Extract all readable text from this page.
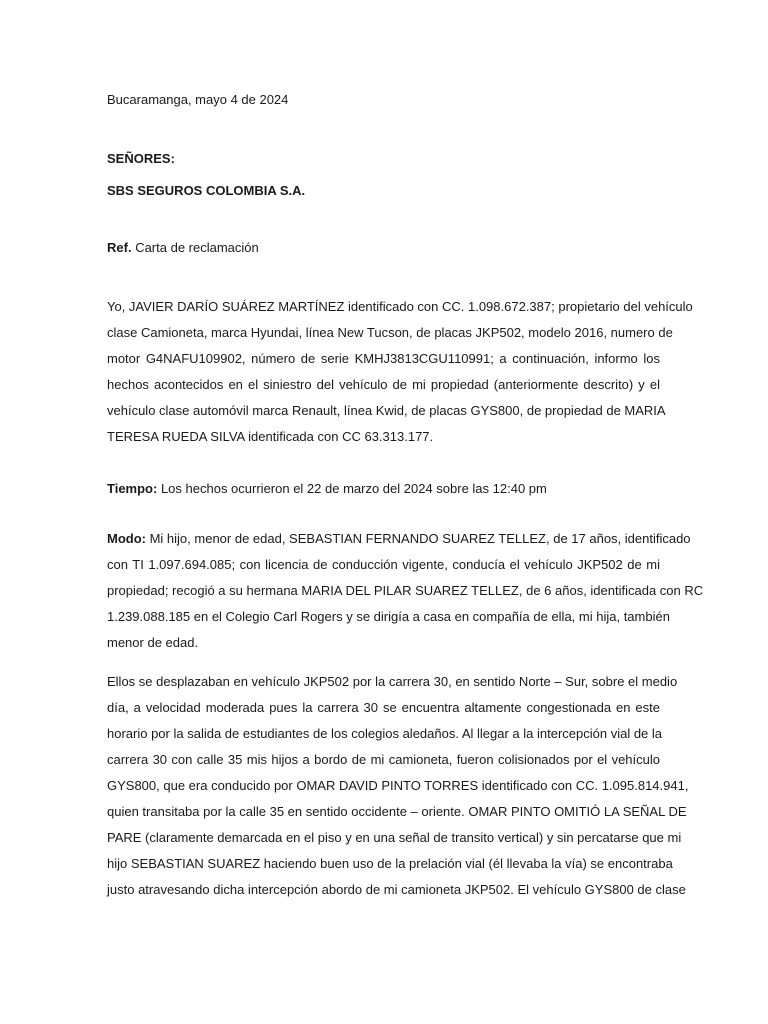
Bucaramanga, mayo 4 de 2024

SEÑORES:

SBS SEGUROS COLOMBIA S.A.

Ref. Carta de reclamación

Yo, JAVIER DARÍO SUÁREZ MARTÍNEZ identificado con CC. 1.098.672.387; propietario del vehículo
clase Camioneta, marca Hyundai, línea New Tucson, de placas JKP502, modelo 2016, numero de
motor G4NAFU109902, número de serie KMHJ3813CGU110991; a continuación, informo los
hechos acontecidos en el siniestro del vehículo de mi propiedad (anteriormente descrito) y el
vehículo clase automóvil marca Renault, línea Kwid, de placas GYS800, de propiedad de MARIA
TERESA RUEDA SILVA identificada con CC 63.313.177.

Tiempo: Los hechos ocurrieron el 22 de marzo del 2024 sobre las 12:40 pm

Modo: Mi hijo, menor de edad, SEBASTIAN FERNANDO SUAREZ TELLEZ, de 17 años, identificado
con TI 1.097.694.085; con licencia de conducción vigente, conducía el vehículo JKP502 de mi
propiedad; recogió a su hermana MARIA DEL PILAR SUAREZ TELLEZ, de 6 años, identificada con RC
1.239.088.185 en el Colegio Carl Rogers y se dirigía a casa en compañía de ella, mi hija, también
menor de edad.
Ellos se desplazaban en vehículo JKP502 por la carrera 30, en sentido Norte – Sur, sobre el medio
día, a velocidad moderada pues la carrera 30 se encuentra altamente congestionada en este
horario por la salida de estudiantes de los colegios aledaños. Al llegar a la intercepción vial de la
carrera 30 con calle 35 mis hijos a bordo de mi camioneta, fueron colisionados por el vehículo
GYS800, que era conducido por OMAR DAVID PINTO TORRES identificado con CC. 1.095.814.941,
quien transitaba por la calle 35 en sentido occidente – oriente. OMAR PINTO OMITIÓ LA SEÑAL DE
PARE (claramente demarcada en el piso y en una señal de transito vertical) y sin percatarse que mi
hijo SEBASTIAN SUAREZ haciendo buen uso de la prelación vial (él llevaba la vía) se encontraba
justo atravesando dicha intercepción abordo de mi camioneta JKP502. El vehículo GYS800 de clase
